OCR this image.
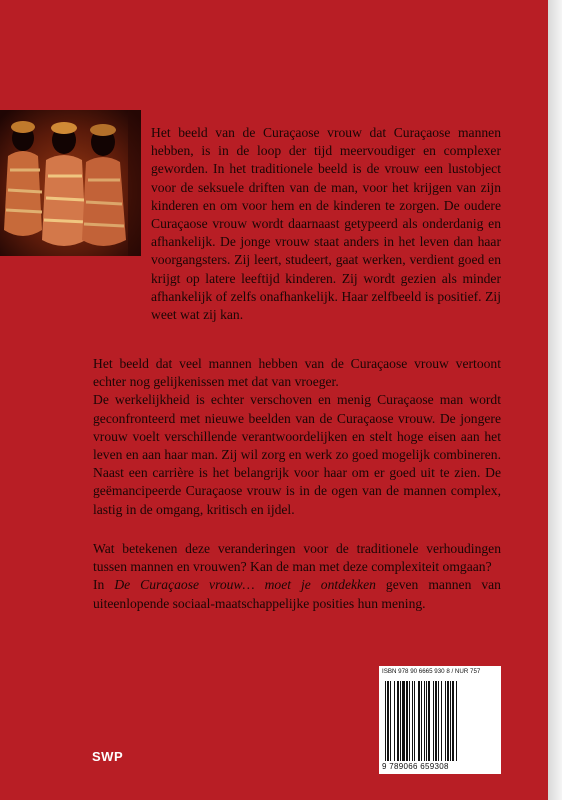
Het beeld van de Curaçaose vrouw dat Curaçaose mannen hebben, is in de loop der tijd meervoudiger en complexer geworden. In het traditionele beeld is de vrouw een lustobject voor de seksuele driften van de man, voor het krijgen van zijn kinderen en om voor hem en de kinderen te zorgen. De oudere Curaçaose vrouw wordt daarnaast getypeerd als onderdanig en afhankelijk. De jonge vrouw staat anders in het leven dan haar voorgangsters. Zij leert, studeert, gaat werken, verdient goed en krijgt op latere leeftijd kinderen. Zij wordt gezien als minder afhankelijk of zelfs onafhankelijk. Haar zelfbeeld is positief. Zij weet wat zij kan.

Het beeld dat veel mannen hebben van de Curaçaose vrouw vertoont echter nog gelijkenissen met dat van vroeger.

De werkelijkheid is echter verschoven en menig Curaçaose man wordt geconfronteerd met nieuwe beelden van de Curaçaose vrouw. De jongere vrouw voelt verschillende verantwoordelijken en stelt hoge eisen aan het leven en aan haar man. Zij wil zorg en werk zo goed mogelijk combineren. Naast een carrière is het belangrijk voor haar om er goed uit te zien. De geëmancipeerde Curaçaose vrouw is in de ogen van de mannen complex, lastig in de omgang, kritisch en ijdel.

Wat betekenen deze veranderingen voor de traditionele verhoudingen tussen mannen en vrouwen? Kan de man met deze complexiteit omgaan?

In De Curaçaose vrouw… moet je ontdekken geven mannen van uiteenlopende sociaal-maatschappelijke posities hun mening.

ISBN 978 90 6665 930 8 / NUR 757
9 789066 659308
SWP
